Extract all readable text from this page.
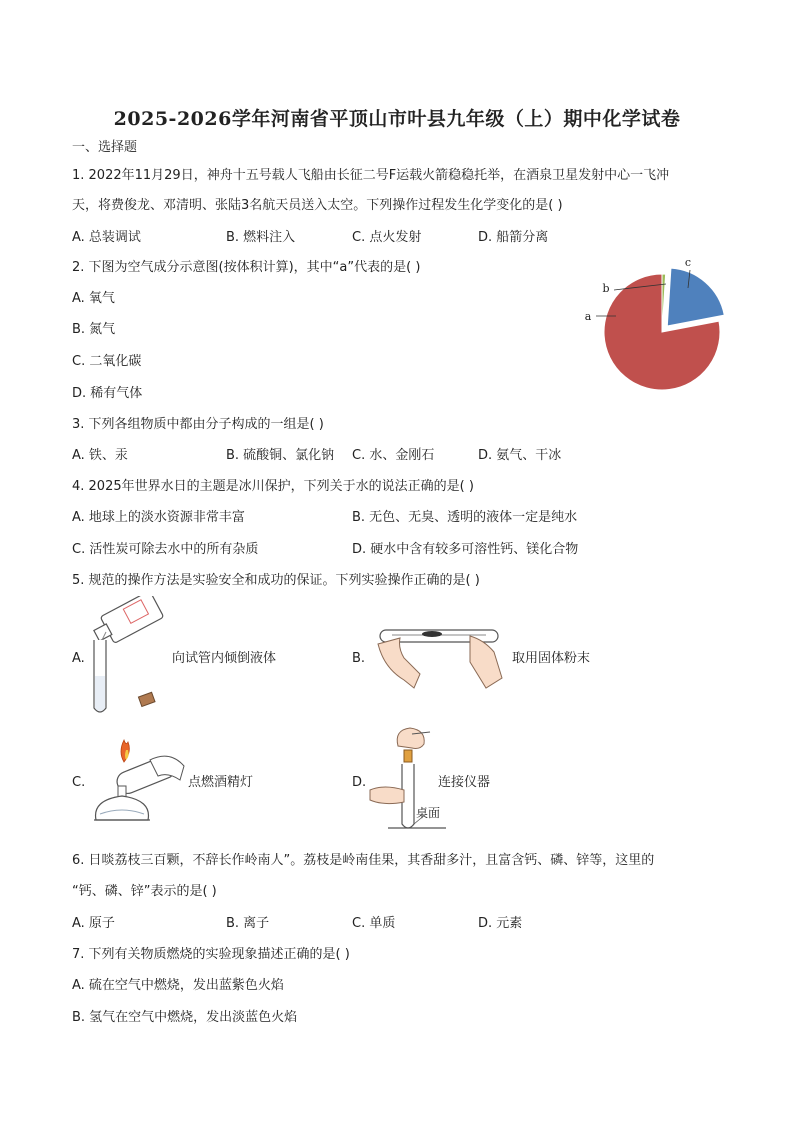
2025-2026学年河南省平顶山市叶县九年级（上）期中化学试卷
一、选择题
1. 2022年11月29日，神舟十五号载人飞船由长征二号F运载火箭稳稳托举，在酒泉卫星发射中心一飞冲
天，将费俊龙、邓清明、张陆3名航天员送入太空。下列操作过程发生化学变化的是( )
A. 总装调试	B. 燃料注入	C. 点火发射	D. 船箭分离
2. 下图为空气成分示意图(按体积计算)，其中“a”代表的是( )
A. 氧气
B. 氮气
C. 二氧化碳
D. 稀有气体
a
b
c
3. 下列各组物质中都由分子构成的一组是( )
A. 铁、汞	B. 硫酸铜、氯化钠 C. 水、金刚石	D. 氨气、干冰
4. 2025年世界水日的主题是冰川保护，下列关于水的说法正确的是( )
A. 地球上的淡水资源非常丰富	B. 无色、无臭、透明的液体一定是纯水
C. 活性炭可除去水中的所有杂质	D. 硬水中含有较多可溶性钙、镁化合物
5. 规范的操作方法是实验安全和成功的保证。下列实验操作正确的是( )
A.	向试管内倾倒液体	B.	取用固体粉末
C.	点燃酒精灯	D.
桌面
连接仪器
6. 日啖荔枝三百颗，不辞长作岭南人”。荔枝是岭南佳果，其香甜多汁，且富含钙、磷、锌等，这里的
“钙、磷、锌”表示的是( )
A. 原子	B. 离子	C. 单质	D. 元素
7. 下列有关物质燃烧的实验现象描述正确的是( )
A. 硫在空气中燃烧，发出蓝紫色火焰
B. 氢气在空气中燃烧，发出淡蓝色火焰
